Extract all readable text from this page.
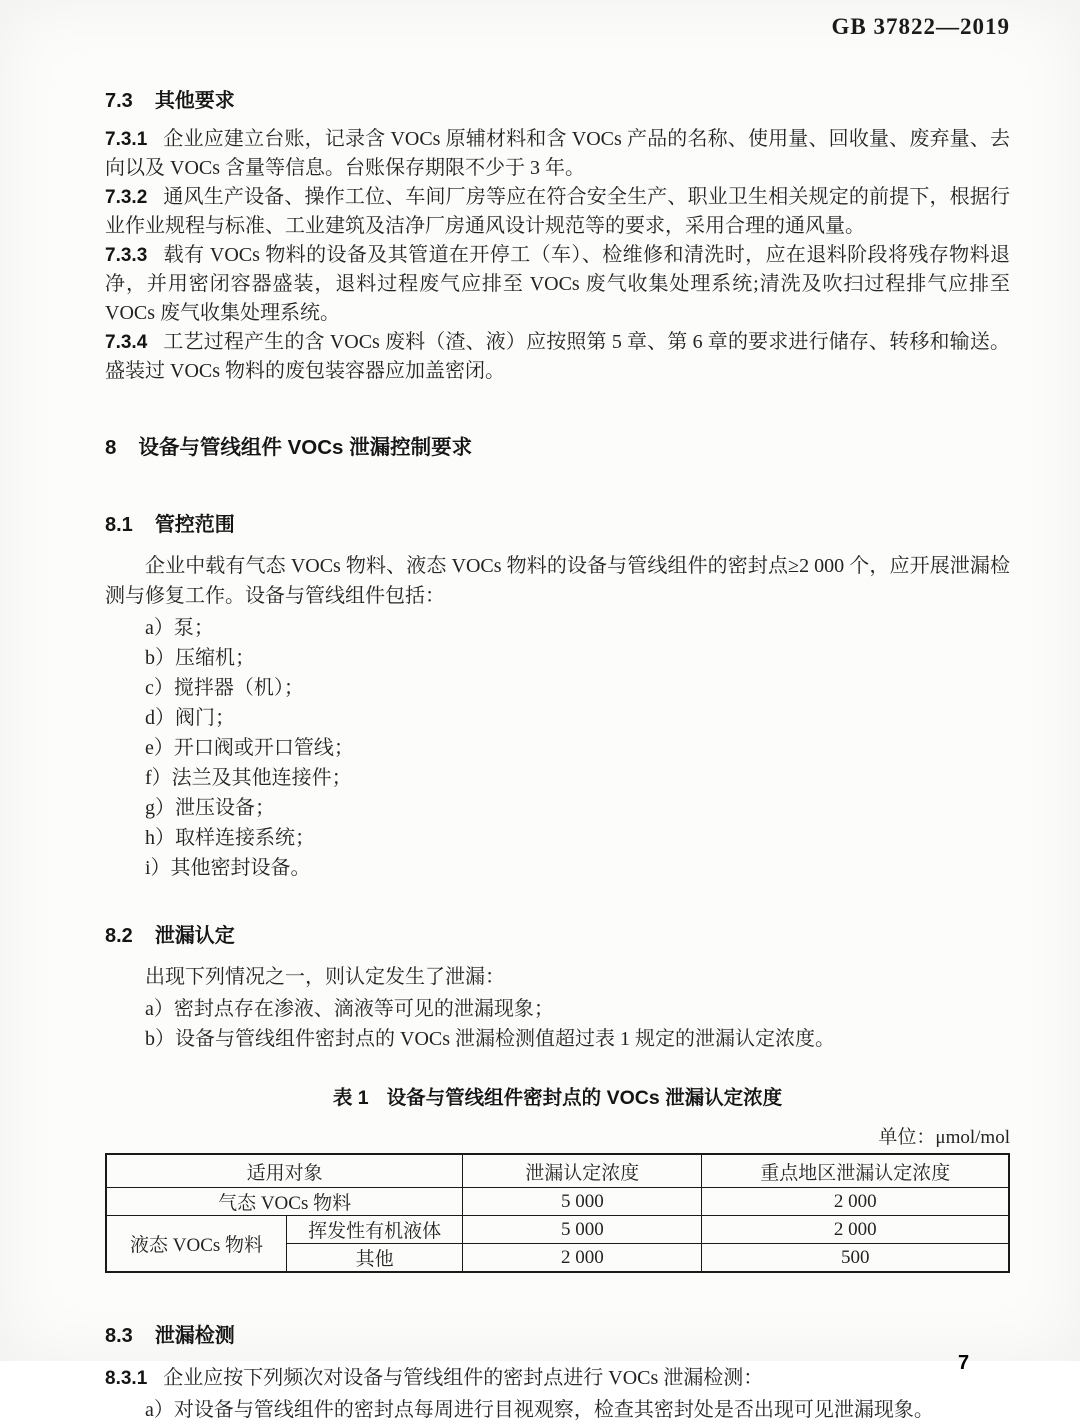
GB 37822—2019
7.3 其他要求

7.3.1 企业应建立台账，记录含 VOCs 原辅材料和含 VOCs 产品的名称、使用量、回收量、废弃量、去向以及 VOCs 含量等信息。台账保存期限不少于 3 年。

7.3.2 通风生产设备、操作工位、车间厂房等应在符合安全生产、职业卫生相关规定的前提下，根据行业作业规程与标准、工业建筑及洁净厂房通风设计规范等的要求，采用合理的通风量。

7.3.3 载有 VOCs 物料的设备及其管道在开停工（车）、检维修和清洗时，应在退料阶段将残存物料退净，并用密闭容器盛装，退料过程废气应排至 VOCs 废气收集处理系统;清洗及吹扫过程排气应排至 VOCs 废气收集处理系统。

7.3.4 工艺过程产生的含 VOCs 废料（渣、液）应按照第 5 章、第 6 章的要求进行储存、转移和输送。盛装过 VOCs 物料的废包装容器应加盖密闭。

8 设备与管线组件 VOCs 泄漏控制要求
8.1 管控范围

企业中载有气态 VOCs 物料、液态 VOCs 物料的设备与管线组件的密封点≥2 000 个，应开展泄漏检测与修复工作。设备与管线组件包括：

a）泵；
b）压缩机；
c）搅拌器（机）；
d）阀门；
e）开口阀或开口管线；
f）法兰及其他连接件；
g）泄压设备；
h）取样连接系统；
i）其他密封设备。
8.2 泄漏认定

出现下列情况之一，则认定发生了泄漏：

a）密封点存在渗液、滴液等可见的泄漏现象；
b）设备与管线组件密封点的 VOCs 泄漏检测值超过表 1 规定的泄漏认定浓度。
表 1 设备与管线组件密封点的 VOCs 泄漏认定浓度
单位：μmol/mol
适用对象		泄漏认定浓度	重点地区泄漏认定浓度
气态 VOCs 物料		5 000	2 000
液态 VOCs 物料	挥发性有机液体	5 000	2 000
	其他	2 000	500
8.3 泄漏检测

8.3.1 企业应按下列频次对设备与管线组件的密封点进行 VOCs 泄漏检测：

a）对设备与管线组件的密封点每周进行目视观察，检查其密封处是否出现可见泄漏现象。
7
